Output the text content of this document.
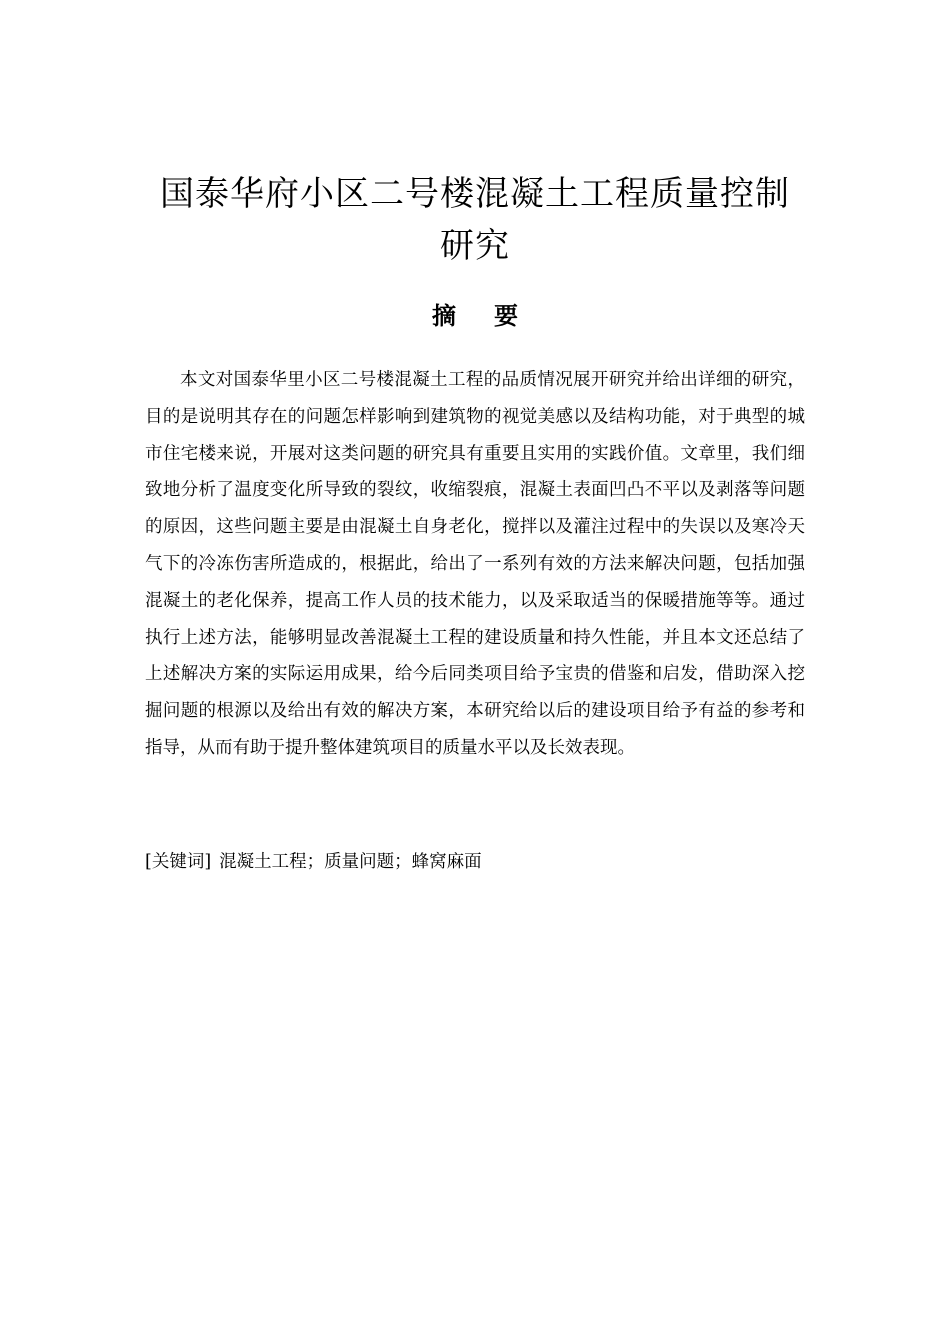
国泰华府小区二号楼混凝土工程质量控制研究
摘要

本文对国泰华里小区二号楼混凝土工程的品质情况展开研究并给出详细的研究，目的是说明其存在的问题怎样影响到建筑物的视觉美感以及结构功能，对于典型的城市住宅楼来说，开展对这类问题的研究具有重要且实用的实践价值。文章里，我们细致地分析了温度变化所导致的裂纹，收缩裂痕，混凝土表面凹凸不平以及剥落等问题的原因，这些问题主要是由混凝土自身老化，搅拌以及灌注过程中的失误以及寒冷天气下的冷冻伤害所造成的，根据此，给出了一系列有效的方法来解决问题，包括加强混凝土的老化保养，提高工作人员的技术能力，以及采取适当的保暖措施等等。通过执行上述方法，能够明显改善混凝土工程的建设质量和持久性能，并且本文还总结了上述解决方案的实际运用成果，给今后同类项目给予宝贵的借鉴和启发，借助深入挖掘问题的根源以及给出有效的解决方案，本研究给以后的建设项目给予有益的参考和指导，从而有助于提升整体建筑项目的质量水平以及长效表现。

[关键词] 混凝土工程；质量问题；蜂窝麻面
